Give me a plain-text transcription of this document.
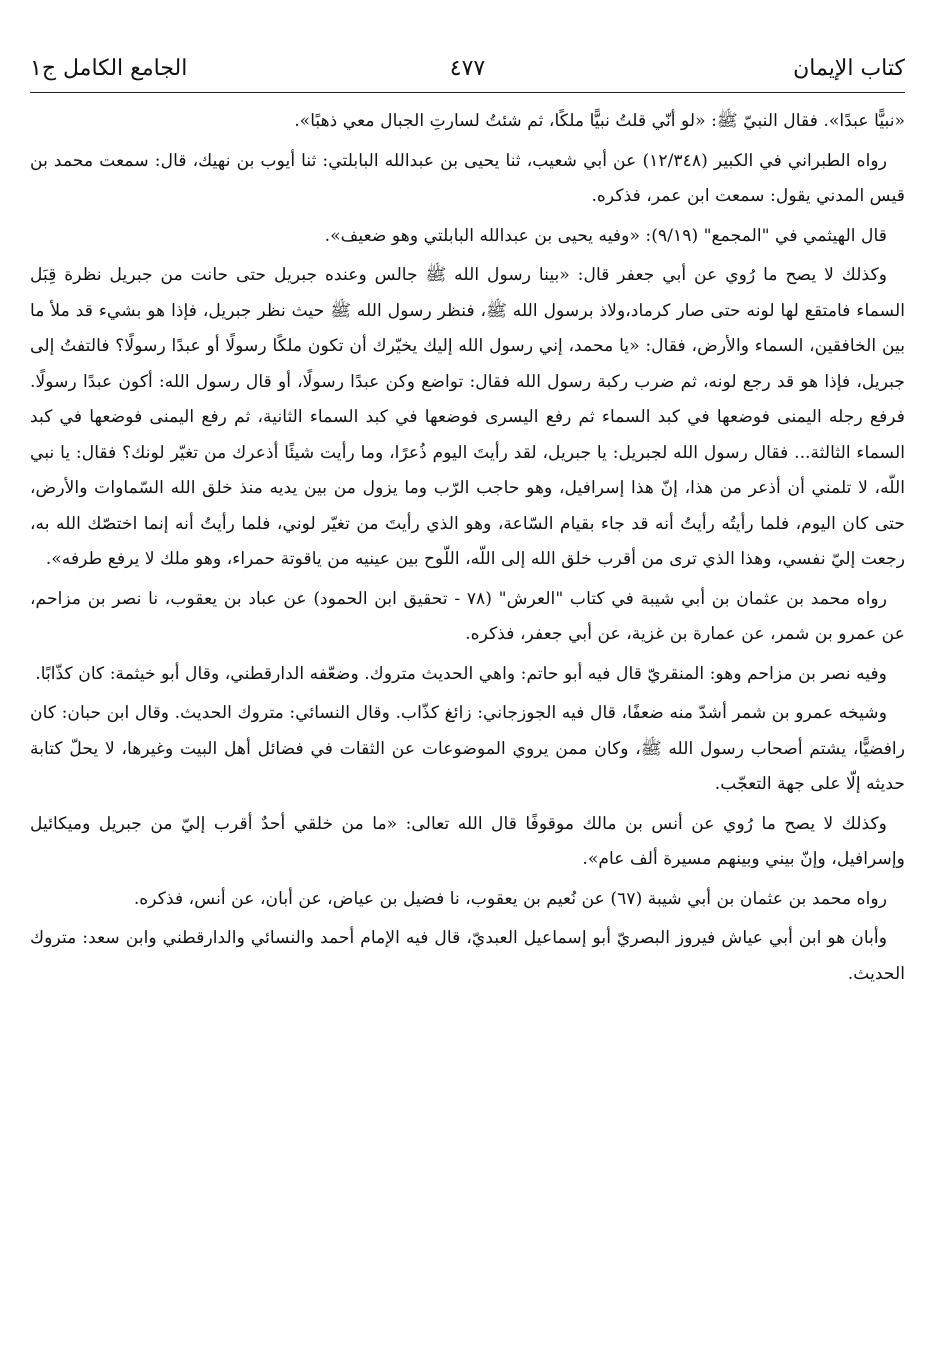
كتاب الإيمان
٤٧٧
الجامع الكامل ج١

«نبيًّا عبدًا». فقال النبيّ ﷺ: «لو أنّي قلتُ نبيًّا ملكًا، ثم شئتُ لسارتِ الجبال معي ذهبًا».

رواه الطبراني في الكبير (١٢/٣٤٨) عن أبي شعيب، ثنا يحيى بن عبدالله البابلتي: ثنا أيوب بن نهيك، قال: سمعت محمد بن قيس المدني يقول: سمعت ابن عمر، فذكره.

قال الهيثمي في "المجمع" (٩/١٩): «وفيه يحيى بن عبدالله البابلتي وهو ضعيف».

وكذلك لا يصح ما رُوي عن أبي جعفر قال: «بينا رسول الله ﷺ جالس وعنده جبريل حتى حانت من جبريل نظرة قِبَل السماء فامتقع لها لونه حتى صار كرماد،ولاذ برسول الله ﷺ، فنظر رسول الله ﷺ حيث نظر جبريل، فإذا هو بشيء قد ملأ ما بين الخافقين، السماء والأرض، فقال: «يا محمد، إني رسول الله إليك يخيّرك أن تكون ملكًا رسولًا أو عبدًا رسولًا؟ فالتفتُ إلى جبريل، فإذا هو قد رجع لونه، ثم ضرب ركبة رسول الله فقال: تواضع وكن عبدًا رسولًا، أو قال رسول الله: أكون عبدًا رسولًا. فرفع رجله اليمنى فوضعها في كبد السماء ثم رفع اليسرى فوضعها في كبد السماء الثانية، ثم رفع اليمنى فوضعها في كبد السماء الثالثة... فقال رسول الله لجبريل: يا جبريل، لقد رأيتَ اليوم ذُعرًا، وما رأيت شيئًا أذعرك من تغيّر لونك؟ فقال: يا نبي اللّه، لا تلمني أن أذعر من هذا، إنّ هذا إسرافيل، وهو حاجب الرّب وما يزول من بين يديه منذ خلق الله السّماوات والأرض، حتى كان اليوم، فلما رأيتُه رأيتُ أنه قد جاء بقيام السّاعة، وهو الذي رأيتَ من تغيّر لوني، فلما رأيتُ أنه إنما اختصّك الله به، رجعت إليّ نفسي، وهذا الذي ترى من أقرب خلق الله إلى اللّه، اللّوح بين عينيه من ياقوتة حمراء، وهو ملك لا يرفع طرفه».

رواه محمد بن عثمان بن أبي شيبة في كتاب "العرش" (٧٨ - تحقيق ابن الحمود) عن عباد بن يعقوب، نا نصر بن مزاحم، عن عمرو بن شمر، عن عمارة بن غزية، عن أبي جعفر، فذكره.

وفيه نصر بن مزاحم وهو: المنقريّ قال فيه أبو حاتم: واهي الحديث متروك. وضعّفه الدارقطني، وقال أبو خيثمة: كان كذّابًا.

وشيخه عمرو بن شمر أشدّ منه ضعفًا، قال فيه الجوزجاني: زائغ كذّاب. وقال النسائي: متروك الحديث. وقال ابن حبان: كان رافضيًّا، يشتم أصحاب رسول الله ﷺ، وكان ممن يروي الموضوعات عن الثقات في فضائل أهل البيت وغيرها، لا يحلّ كتابة حديثه إلّا على جهة التعجّب.

وكذلك لا يصح ما رُوي عن أنس بن مالك موقوفًا قال الله تعالى: «ما من خلقي أحدٌ أقرب إليّ من جبريل وميكائيل وإسرافيل، وإنّ بيني وبينهم مسيرة ألف عام».

رواه محمد بن عثمان بن أبي شيبة (٦٧) عن نُعيم بن يعقوب، نا فضيل بن عياض، عن أبان، عن أنس، فذكره.

وأبان هو ابن أبي عياش فيروز البصريّ أبو إسماعيل العبديّ، قال فيه الإمام أحمد والنسائي والدارقطني وابن سعد: متروك الحديث.
